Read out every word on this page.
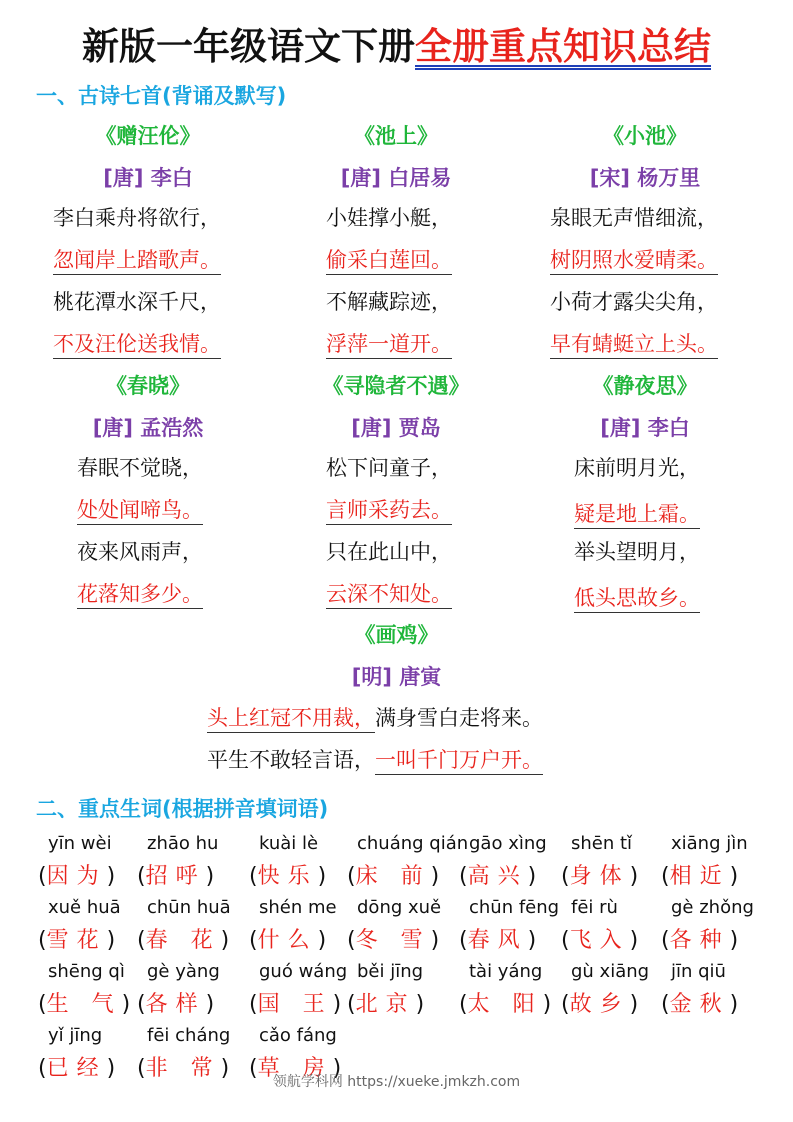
新版一年级语文下册全册重点知识总结
一、古诗七首(背诵及默写)
《赠汪伦》
[唐] 李白
李白乘舟将欲行，
忽闻岸上踏歌声。
桃花潭水深千尺，
不及汪伦送我情。
《池上》
[唐] 白居易
小娃撑小艇，
偷采白莲回。
不解藏踪迹，
浮萍一道开。
《小池》
[宋] 杨万里
泉眼无声惜细流，
树阴照水爱晴柔。
小荷才露尖尖角，
早有蜻蜓立上头。
《春晓》
[唐] 孟浩然
春眠不觉晓，
处处闻啼鸟。
夜来风雨声，
花落知多少。
《寻隐者不遇》
[唐] 贾岛
松下问童子，
言师采药去。
只在此山中，
云深不知处。
《静夜思》
[唐] 李白
床前明月光，
疑是地上霜。
举头望明月，
低头思故乡。
《画鸡》
[明] 唐寅
头上红冠不用裁，满身雪白走将来。
平生不敢轻言语，一叫千门万户开。
二、重点生词(根据拼音填词语)
yīn wèi
(因为)
zhāo hu
(招呼)
kuài lè
(快乐)
chuáng qián
(床 前)
gāo xìng
(高兴)
shēn tǐ
(身体)
xiāng jìn
(相近)
xuě huā
(雪花)
chūn huā
(春 花)
shén me
(什么)
dōng xuě
(冬 雪)
chūn fēng
(春风)
fēi rù
(飞入)
gè zhǒng
(各种)
shēng qì
(生 气)
gè yàng
(各样)
guó wáng
(国 王)
běi jīng
(北京)
tài yáng
(太 阳)
gù xiāng
(故乡)
jīn qiū
(金秋)
yǐ jīng
(已经)
fēi cháng
(非 常)
cǎo fáng
(草 房)
领航学科网 https://xueke.jmkzh.com
